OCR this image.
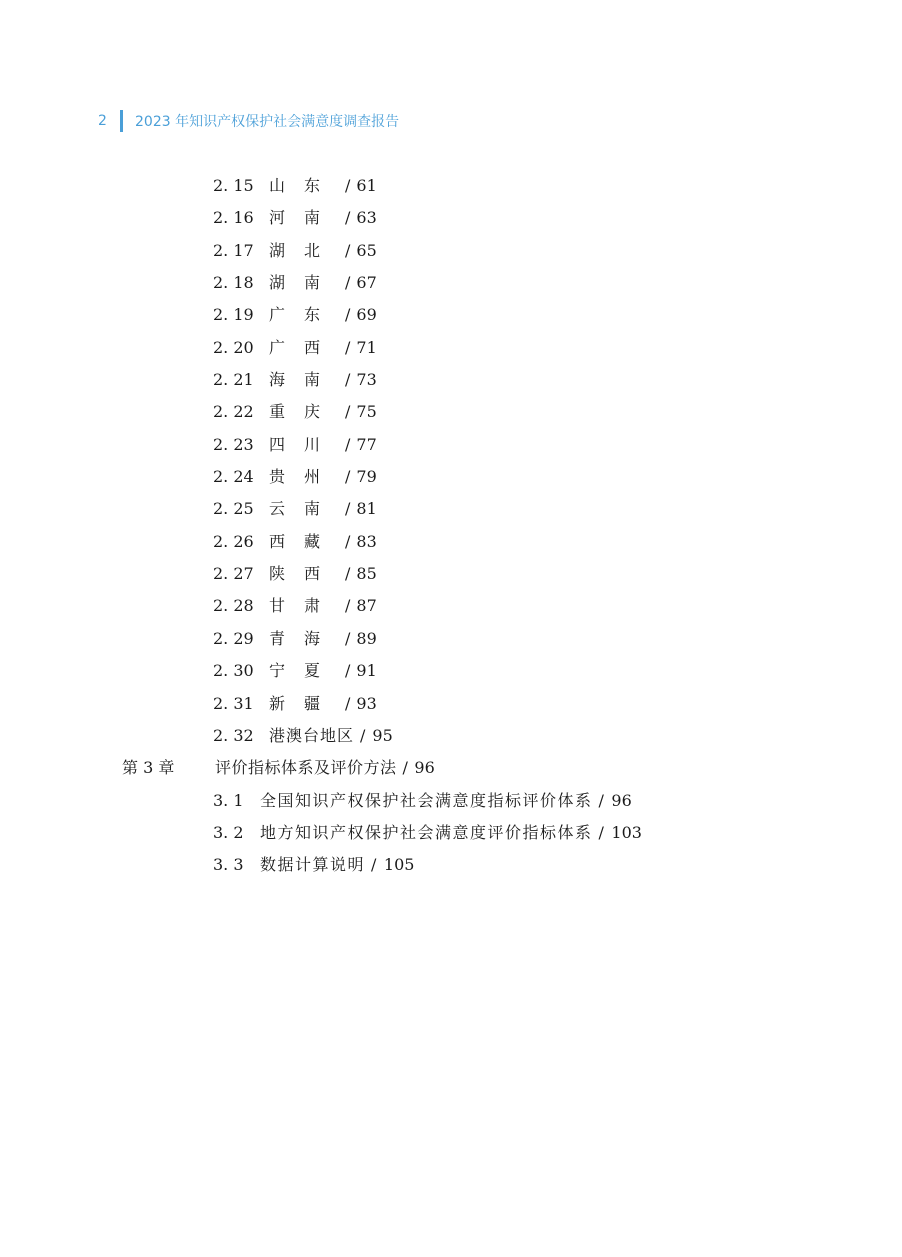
2	2023 年知识产权保护社会满意度调查报告
2. 15 山东 / 61
2. 16 河南 / 63
2. 17 湖北 / 65
2. 18 湖南 / 67
2. 19 广东 / 69
2. 20 广西 / 71
2. 21 海南 / 73
2. 22 重庆 / 75
2. 23 四川 / 77
2. 24 贵州 / 79
2. 25 云南 / 81
2. 26 西藏 / 83
2. 27 陕西 / 85
2. 28 甘肃 / 87
2. 29 青海 / 89
2. 30 宁夏 / 91
2. 31 新疆 / 93
2. 32 港澳台地区 / 95
第 3 章	评价指标体系及评价方法 / 96
3. 1 全国知识产权保护社会满意度指标评价体系 / 96
3. 2 地方知识产权保护社会满意度评价指标体系 / 103
3. 3 数据计算说明 / 105
